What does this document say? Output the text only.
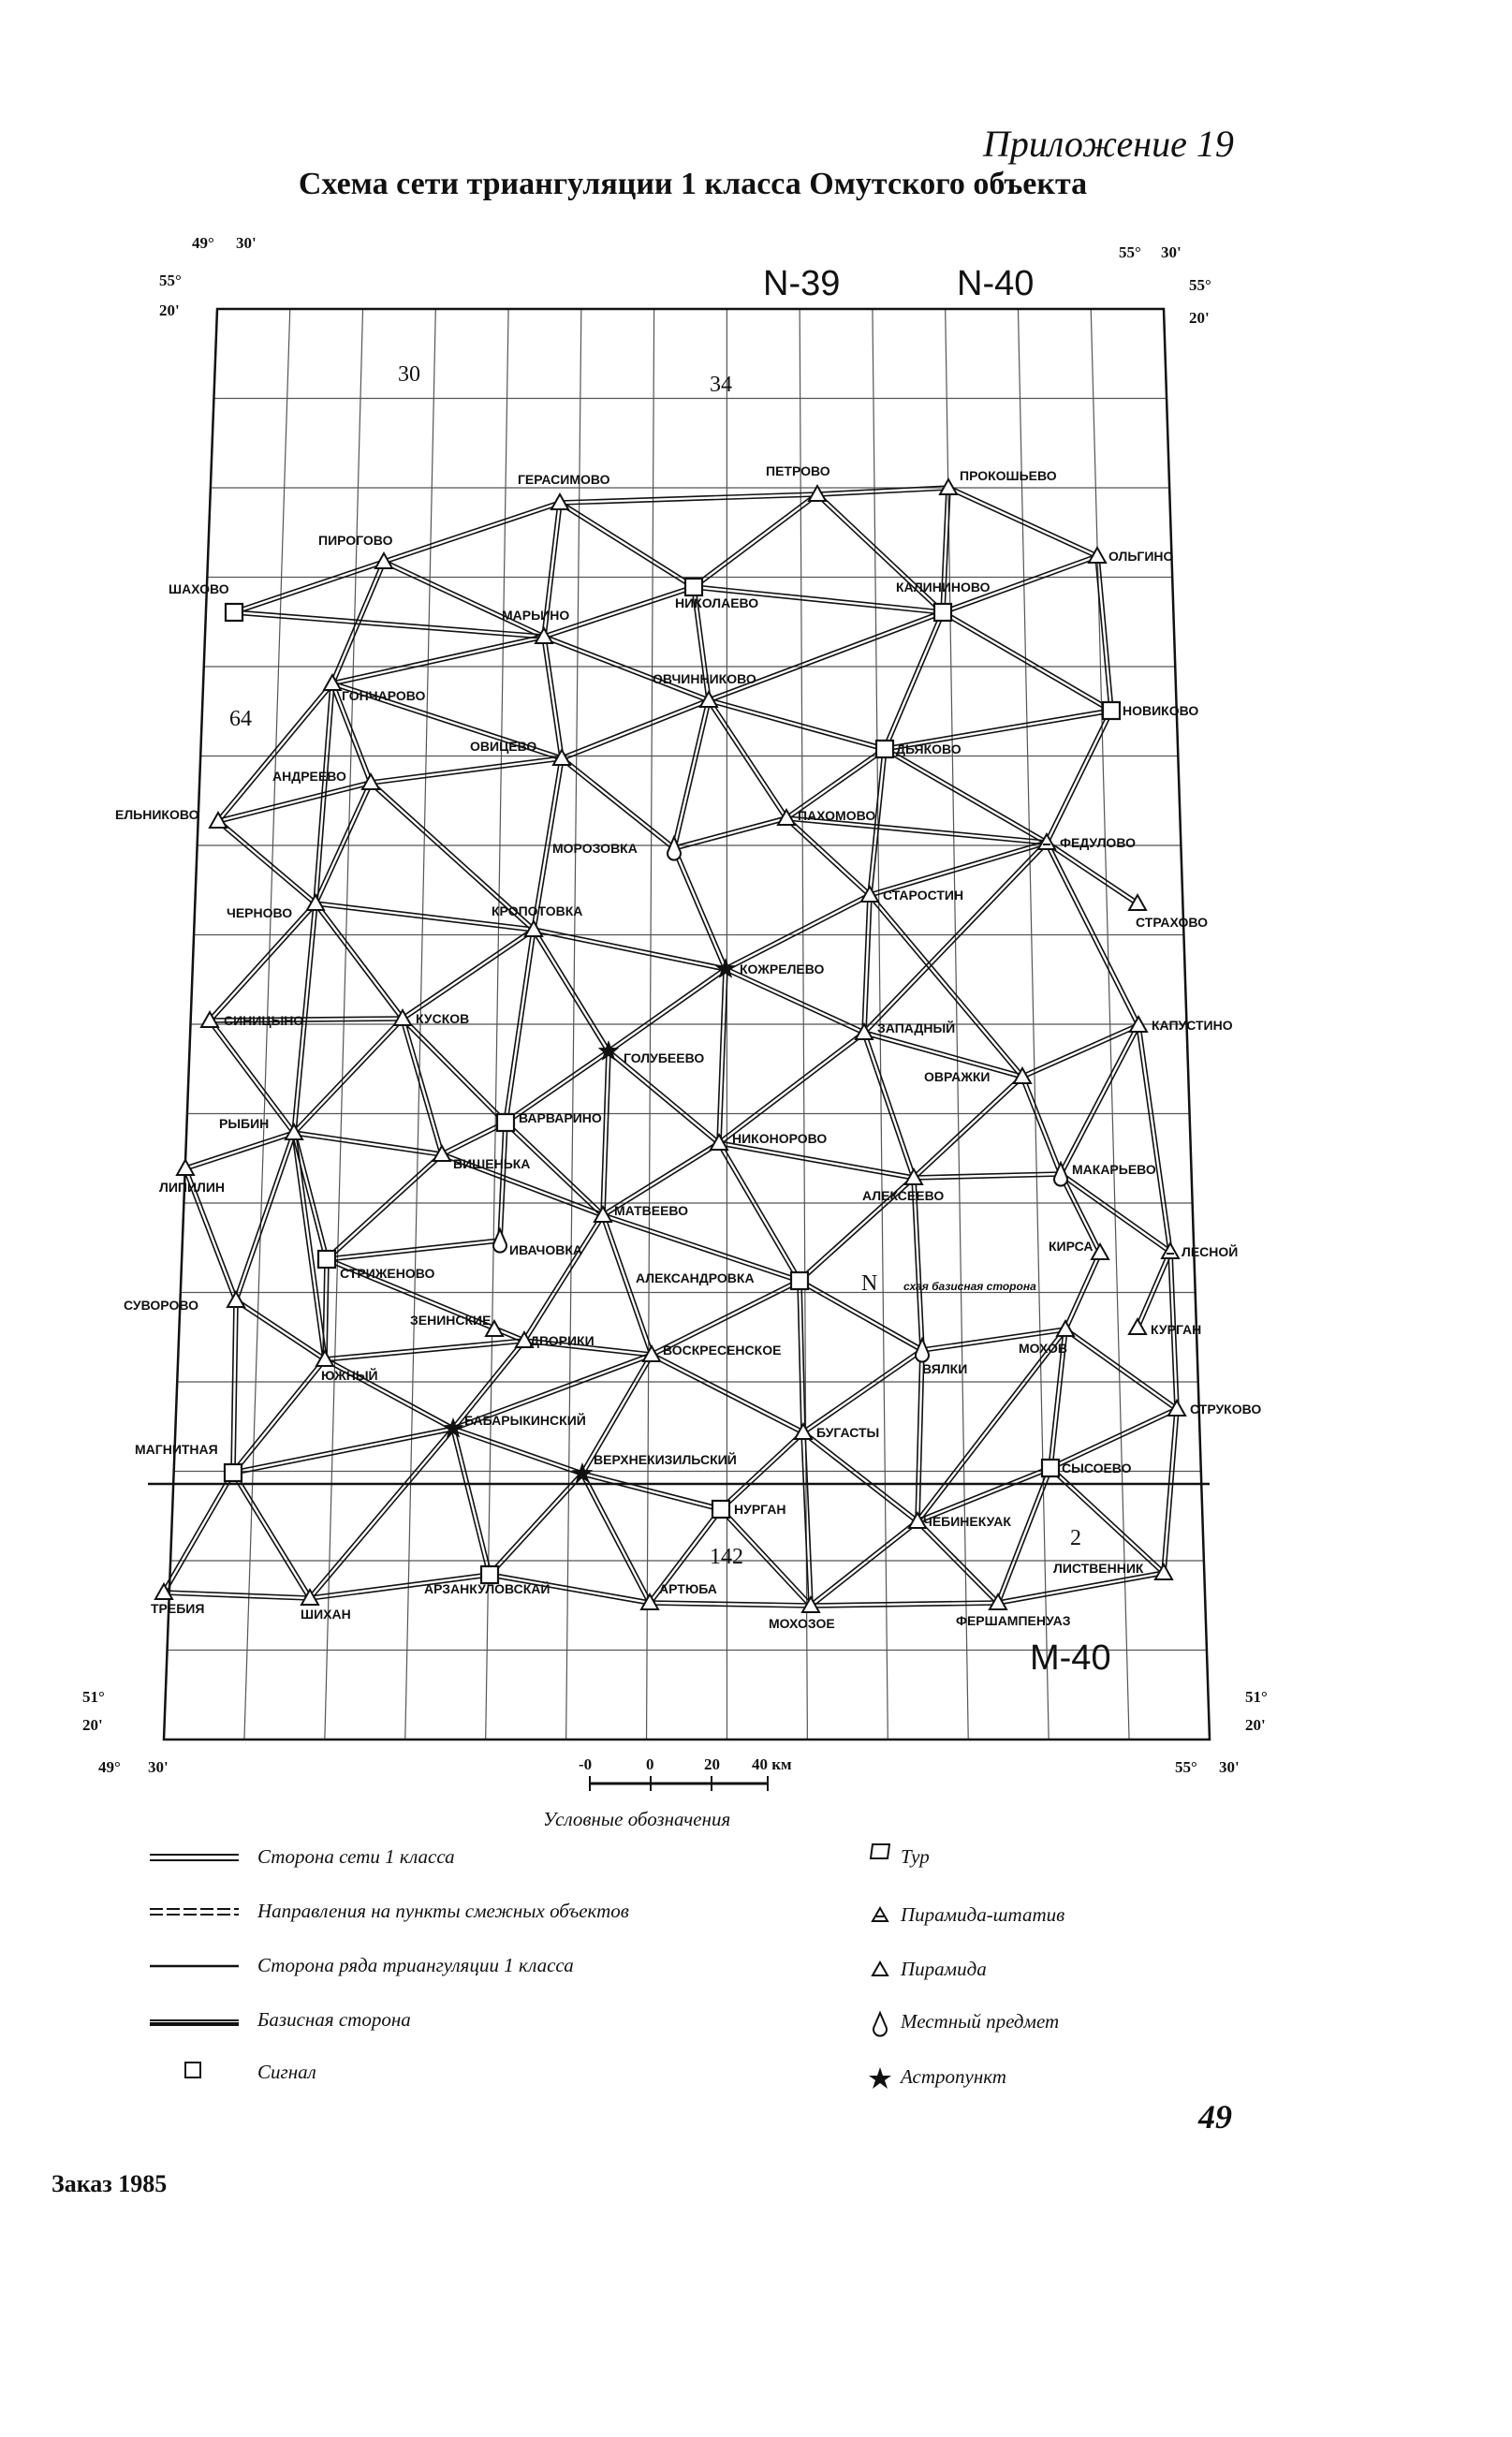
Приложение 19
Схема сети триангуляции 1 класса Омутского объекта
ГЕРАСИМОВО
ПЕТРОВО	ПРОКОШЬЕВО
ПИРОГОВО
ОЛЬГИНО
ШАХОВО
НИКОЛАЕВО
КАЛИНИНОВО
МАРЬИНО
ГОНЧАРОВО
ОВЧИННИКОВО
НОВИКОВО
ОВИЦЕВО	ДЬЯКОВО
АНДРЕЕВО
ЕЛЬНИКОВО	ПАХОМОВО
МОРОЗОВКА	ФЕДУЛОВО
ЧЕРНОВО	КРОПОТОВКА
СТАРОСТИН
СТРАХОВО
КОЖРЕЛЕВО
СИНИЦЫНО	КУСКОВ
ЗАПАДНЫЙ	КАПУСТИНО
ГОЛУБЕЕВО
ОВРАЖКИ
РЫБИН	ВАРВАРИНО
НИКОНОРОВО
ЛИПИЛИН
ВИШЕНЬКА	МАКАРЬЕВО
АЛЕКСЕЕВО
МАТВЕЕВО
ИВАЧОВКА	КИРСА	ЛЕСНОЙ
СТРИЖЕНОВО	АЛЕКСАНДРОВКА
СУВОРОВО
КУРГАН
ЗЕНИНСКИЕ
ДВОРИКИ	МОХОВ
ВОСКРЕСЕНСКОЕ
ВЯЛКИ
ЮЖНЫЙ
СТРУКОВО
БАБАРЫКИНСКИЙ
БУГАСТЫ
МАГНИТНАЯ
ВЕРХНЕКИЗИЛЬСКИЙ
СЫСОЕВО
НУРГАН
ЧЕБИНЕКУАК
АРЗАНКУЛОВСКАЙ
ЛИСТВЕННИК
ТРЕБИЯ	ШИХАН
АРТЮБА
МОХОЗОЕ	ФЕРШАМПЕНУАЗ
49° 30'
55°
20'
55° 30'
55°
20'
49° 30'
51°
20'
55° 30'
51°
20'
N-39	N-40
M-40
30	34
64
142
2
N схая базисная сторона
-0	0	20 40 км
Условные обозначения
Сторона сети 1 класса
Направления на пункты смежных объектов
Сторона ряда триангуляции 1 класса
Базисная сторона
Сигнал
Тур
Пирамида-штатив
Пирамида
Местный предмет
Астропункт
49
Заказ 1985
